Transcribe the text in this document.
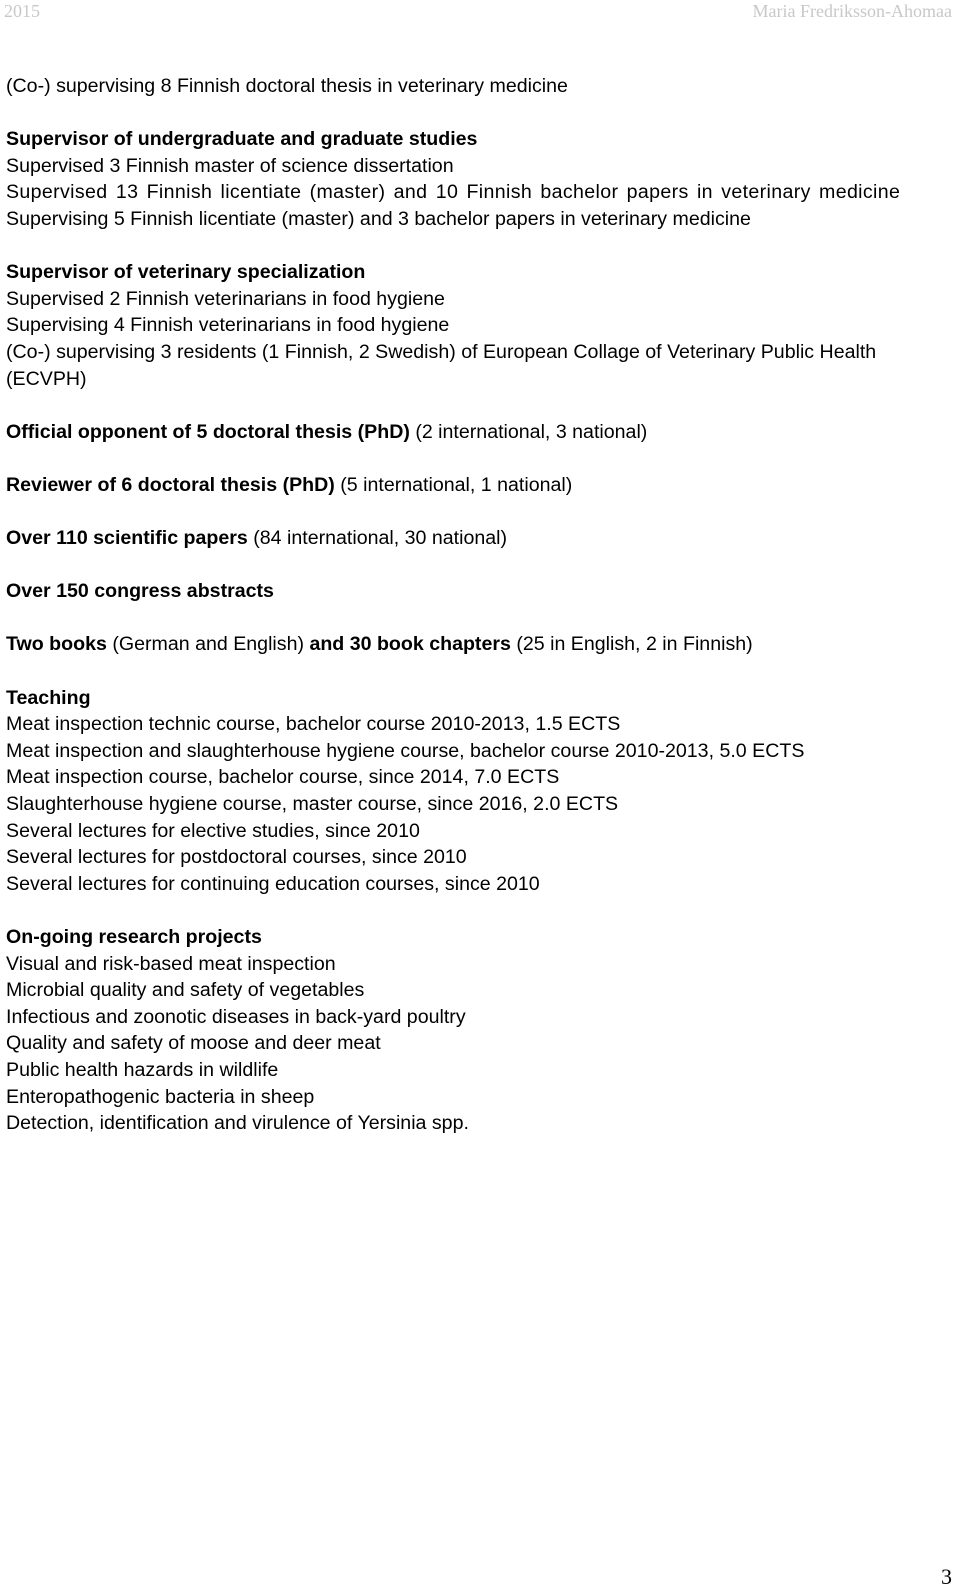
2015	Maria Fredriksson-Ahomaa
(Co-) supervising 8 Finnish doctoral thesis in veterinary medicine
Supervisor of undergraduate and graduate studies
Supervised 3 Finnish master of science dissertation
Supervised 13 Finnish licentiate (master) and 10 Finnish bachelor papers in veterinary medicine
Supervising 5 Finnish licentiate (master) and 3 bachelor papers in veterinary medicine
Supervisor of veterinary specialization
Supervised 2 Finnish veterinarians in food hygiene
Supervising 4 Finnish veterinarians in food hygiene
(Co-) supervising 3 residents (1 Finnish, 2 Swedish) of European Collage of Veterinary Public Health (ECVPH)
Official opponent of 5 doctoral thesis (PhD) (2 international, 3 national)
Reviewer of 6 doctoral thesis (PhD) (5 international, 1 national)
Over 110 scientific papers (84 international, 30 national)
Over 150 congress abstracts
Two books (German and English) and 30 book chapters (25 in English, 2 in Finnish)
Teaching
Meat inspection technic course, bachelor course 2010-2013, 1.5 ECTS
Meat inspection and slaughterhouse hygiene course, bachelor course 2010-2013, 5.0 ECTS
Meat inspection course, bachelor course, since 2014, 7.0 ECTS
Slaughterhouse hygiene course, master course, since 2016, 2.0 ECTS
Several lectures for elective studies, since 2010
Several lectures for postdoctoral courses, since 2010
Several lectures for continuing education courses, since 2010
On-going research projects
Visual and risk-based meat inspection
Microbial quality and safety of vegetables
Infectious and zoonotic diseases in back-yard poultry
Quality and safety of moose and deer meat
Public health hazards in wildlife
Enteropathogenic bacteria in sheep
Detection, identification and virulence of Yersinia spp.
3
